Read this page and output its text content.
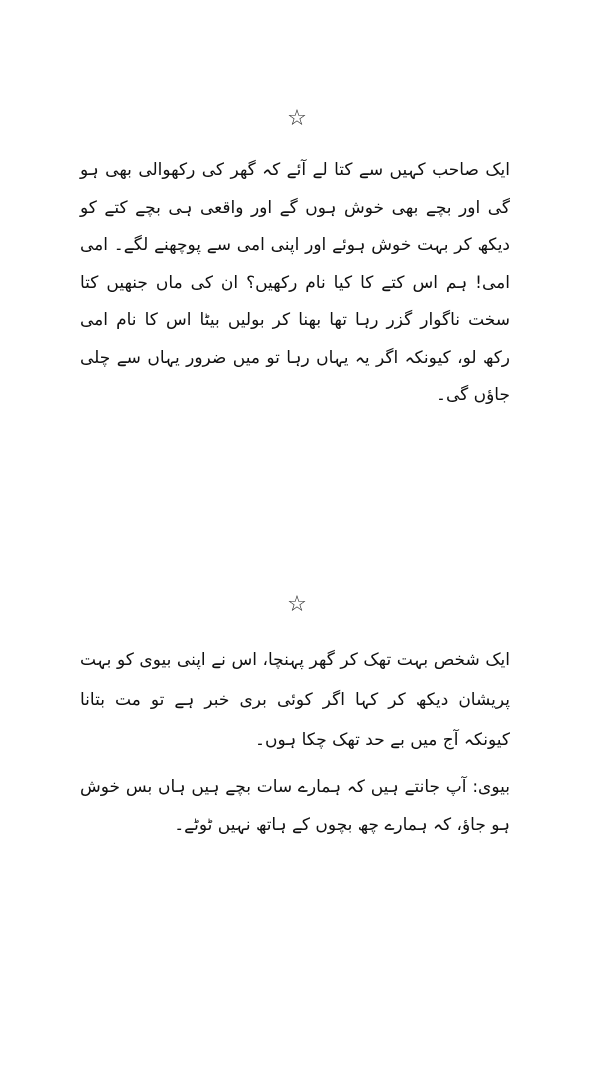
☆

ایک صاحب کہیں سے کتا لے آئے کہ گھر کی رکھوالی بھی ہو گی اور بچے بھی خوش ہوں گے اور واقعی ہی بچے کتے کو دیکھ کر بہت خوش ہوئے اور اپنی امی سے پوچھنے لگے۔ امی امی! ہم اس کتے کا کیا نام رکھیں؟ ان کی ماں جنھیں کتا سخت ناگوار گزر رہا تھا بھنا کر بولیں بیٹا اس کا نام امی رکھ لو، کیونکہ اگر یہ یہاں رہا تو میں ضرور یہاں سے چلی جاؤں گی۔

☆

ایک شخص بہت تھک کر گھر پہنچا، اس نے اپنی بیوی کو بہت پریشان دیکھ کر کہا اگر کوئی بری خبر ہے تو مت بتانا کیونکہ آج میں بے حد تھک چکا ہوں۔

بیوی: آپ جانتے ہیں کہ ہمارے سات بچے ہیں ہاں بس خوش ہو جاؤ، کہ ہمارے چھ بچوں کے ہاتھ نہیں ٹوٹے۔
